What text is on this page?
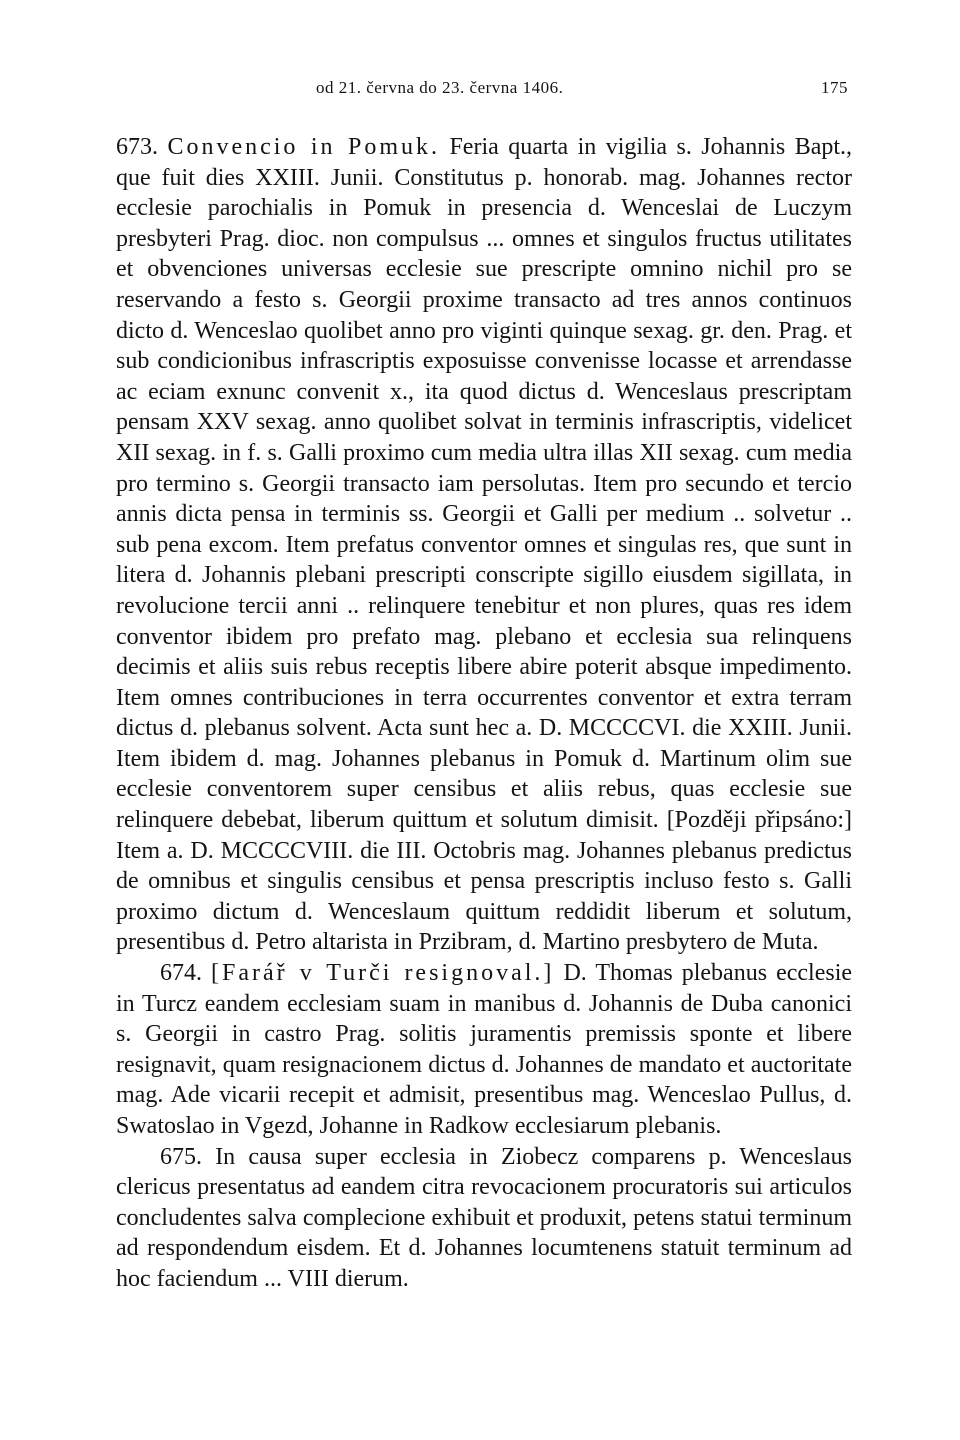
od 21. června do 23. června 1406.	175

673. Convencio in Pomuk. Feria quarta in vigilia s. Johannis Bapt., que fuit dies XXIII. Junii. Constitutus p. honorab. mag. Johannes rector ecclesie parochialis in Pomuk in presencia d. Wenceslai de Luczym presbyteri Prag. dioc. non compulsus ... omnes et singulos fructus utilitates et obvenciones universas ecclesie sue prescripte omnino nichil pro se reservando a festo s. Georgii proxime transacto ad tres annos continuos dicto d. Wenceslao quolibet anno pro viginti quinque sexag. gr. den. Prag. et sub condicionibus infrascriptis exposuisse convenisse locasse et arrendasse ac eciam exnunc convenit x., ita quod dictus d. Wenceslaus prescriptam pensam XXV sexag. anno quolibet solvat in terminis infrascriptis, videlicet XII sexag. in f. s. Galli proximo cum media ultra illas XII sexag. cum media pro termino s. Georgii transacto iam persolutas. Item pro secundo et tercio annis dicta pensa in terminis ss. Georgii et Galli per medium .. solvetur .. sub pena excom. Item prefatus conventor omnes et singulas res, que sunt in litera d. Johannis plebani prescripti conscripte sigillo eiusdem sigillata, in revolucione tercii anni .. relinquere tenebitur et non plures, quas res idem conventor ibidem pro prefato mag. plebano et ecclesia sua relinquens decimis et aliis suis rebus receptis libere abire poterit absque impedimento. Item omnes contribuciones in terra occurrentes conventor et extra terram dictus d. plebanus solvent. Acta sunt hec a. D. MCCCCVI. die XXIII. Junii. Item ibidem d. mag. Johannes plebanus in Pomuk d. Martinum olim sue ecclesie conventorem super censibus et aliis rebus, quas ecclesie sue relinquere debebat, liberum quittum et solutum dimisit. [Později připsáno:] Item a. D. MCCCCVIII. die III. Octobris mag. Johannes plebanus predictus de omnibus et singulis censibus et pensa prescriptis incluso festo s. Galli proximo dictum d. Wenceslaum quittum reddidit liberum et solutum, presentibus d. Petro altarista in Przibram, d. Martino presbytero de Muta.

674. [Farář v Turči resignoval.] D. Thomas plebanus ecclesie in Turcz eandem ecclesiam suam in manibus d. Johannis de Duba canonici s. Georgii in castro Prag. solitis juramentis premissis sponte et libere resignavit, quam resignacionem dictus d. Johannes de mandato et auctoritate mag. Ade vicarii recepit et admisit, presentibus mag. Wenceslao Pullus, d. Swatoslao in Vgezd, Johanne in Radkow ecclesiarum plebanis.

675. In causa super ecclesia in Ziobecz comparens p. Wenceslaus clericus presentatus ad eandem citra revocacionem procuratoris sui articulos concludentes salva complecione exhibuit et produxit, petens statui terminum ad respondendum eisdem. Et d. Johannes locumtenens statuit terminum ad hoc faciendum ... VIII dierum.
